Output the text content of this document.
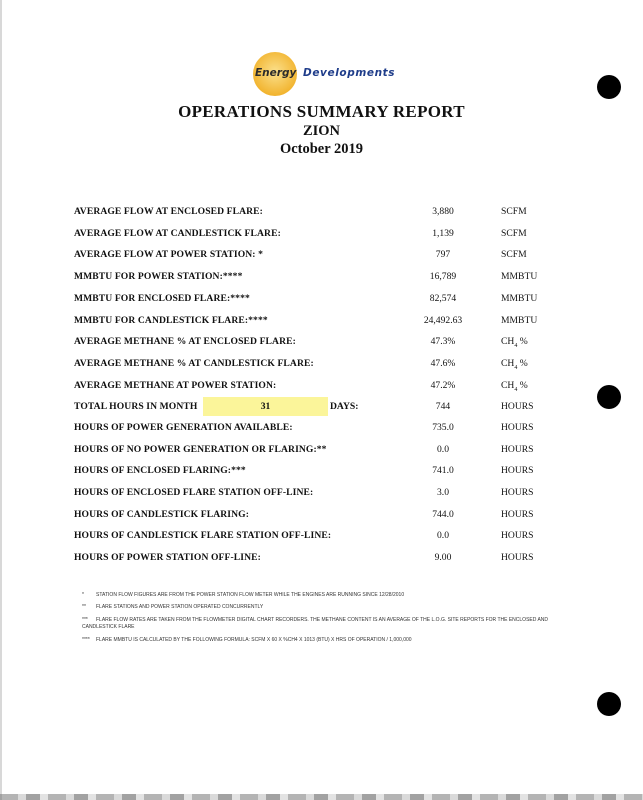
Energy Developments
OPERATIONS SUMMARY REPORT
ZION
October 2019
AVERAGE FLOW AT ENCLOSED FLARE:	3,880	SCFM
AVERAGE FLOW AT CANDLESTICK FLARE:	1,139	SCFM
AVERAGE FLOW AT POWER STATION: *	797	SCFM
MMBTU FOR POWER STATION:****	16,789	MMBTU
MMBTU FOR ENCLOSED FLARE:****	82,574	MMBTU
MMBTU FOR CANDLESTICK FLARE:****	24,492.63	MMBTU
AVERAGE METHANE % AT ENCLOSED FLARE:	47.3%	$CH_4$ %
AVERAGE METHANE % AT CANDLESTICK FLARE:	47.6%	$CH_4$ %
AVERAGE METHANE AT POWER STATION:	47.2%	$CH_4$ %
TOTAL HOURS IN MONTH	31	DAYS:	744	HOURS
HOURS OF POWER GENERATION AVAILABLE:	735.0	HOURS
HOURS OF NO POWER GENERATION OR FLARING:**	0.0	HOURS
HOURS OF ENCLOSED FLARING:***	741.0	HOURS
HOURS OF ENCLOSED FLARE STATION OFF-LINE:	3.0	HOURS
HOURS OF CANDLESTICK FLARING:	744.0	HOURS
HOURS OF CANDLESTICK FLARE STATION OFF-LINE:	0.0	HOURS
HOURS OF POWER STATION OFF-LINE:	9.00	HOURS
* STATION FLOW FIGURES ARE FROM THE POWER STATION FLOW METER WHILE THE ENGINES ARE RUNNING SINCE 12/28/2010
** FLARE STATIONS AND POWER STATION OPERATED CONCURRENTLY
***	FLARE FLOW RATES ARE TAKEN FROM THE FLOWMETER DIGITAL CHART RECORDERS. THE METHANE CONTENT IS AN AVERAGE OF THE L.O.G. SITE REPORTS FOR THE ENCLOSED AND CANDLESTICK FLARE
**** FLARE MMBTU IS CALCULATED BY THE FOLLOWING FORMULA: SCFM X 60 X %CH4 X 1013 (BTU) X HRS OF OPERATION / 1,000,000
